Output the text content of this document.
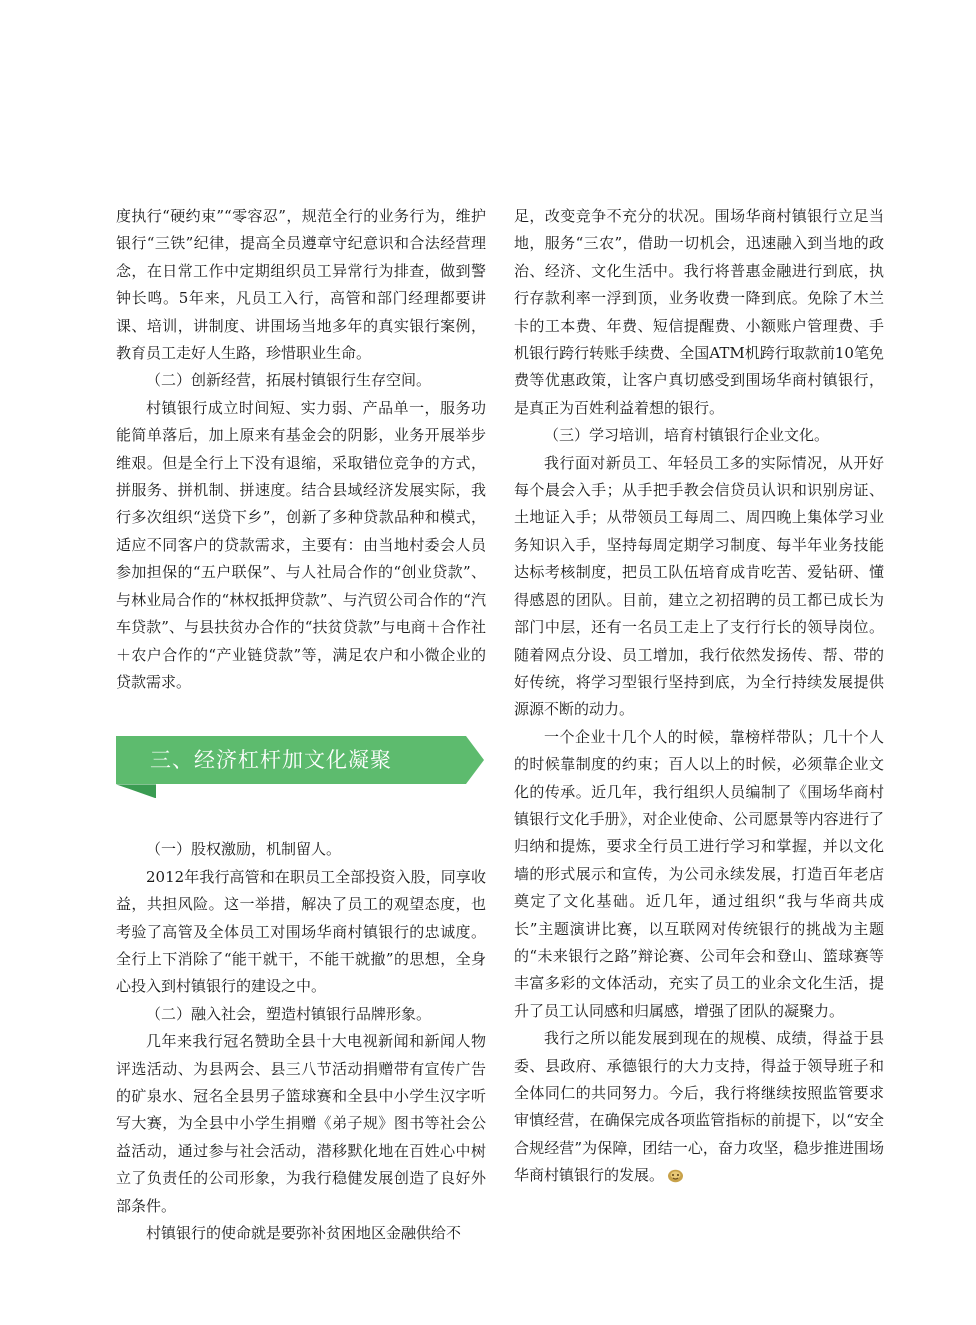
度执行“硬约束”“零容忍”，规范全行的业务行为，维护银行“三铁”纪律，提高全员遵章守纪意识和合法经营理念，在日常工作中定期组织员工异常行为排查，做到警钟长鸣。5年来，凡员工入行，高管和部门经理都要讲课、培训，讲制度、讲围场当地多年的真实银行案例，教育员工走好人生路，珍惜职业生命。

（二）创新经营，拓展村镇银行生存空间。

村镇银行成立时间短、实力弱、产品单一，服务功能简单落后，加上原来有基金会的阴影，业务开展举步维艰。但是全行上下没有退缩，采取错位竞争的方式，拼服务、拼机制、拼速度。结合县域经济发展实际，我行多次组织“送贷下乡”，创新了多种贷款品种和模式，适应不同客户的贷款需求，主要有：由当地村委会人员参加担保的“五户联保”、与人社局合作的“创业贷款”、与林业局合作的“林权抵押贷款”、与汽贸公司合作的“汽车贷款”、与县扶贫办合作的“扶贫贷款”与电商＋合作社＋农户合作的“产业链贷款”等，满足农户和小微企业的贷款需求。

三、经济杠杆加文化凝聚

（一）股权激励，机制留人。

2012年我行高管和在职员工全部投资入股，同享收益，共担风险。这一举措，解决了员工的观望态度，也考验了高管及全体员工对围场华商村镇银行的忠诚度。全行上下消除了“能干就干，不能干就撤”的思想，全身心投入到村镇银行的建设之中。

（二）融入社会，塑造村镇银行品牌形象。

几年来我行冠名赞助全县十大电视新闻和新闻人物评选活动、为县两会、县三八节活动捐赠带有宣传广告的矿泉水、冠名全县男子篮球赛和全县中小学生汉字听写大赛，为全县中小学生捐赠《弟子规》图书等社会公益活动，通过参与社会活动，潜移默化地在百姓心中树立了负责任的公司形象，为我行稳健发展创造了良好外部条件。

村镇银行的使命就是要弥补贫困地区金融供给不

足，改变竞争不充分的状况。围场华商村镇银行立足当地，服务“三农”，借助一切机会，迅速融入到当地的政治、经济、文化生活中。我行将普惠金融进行到底，执行存款利率一浮到顶，业务收费一降到底。免除了木兰卡的工本费、年费、短信提醒费、小额账户管理费、手机银行跨行转账手续费、全国ATM机跨行取款前10笔免费等优惠政策，让客户真切感受到围场华商村镇银行，是真正为百姓利益着想的银行。

（三）学习培训，培育村镇银行企业文化。

我行面对新员工、年轻员工多的实际情况，从开好每个晨会入手；从手把手教会信贷员认识和识别房证、土地证入手；从带领员工每周二、周四晚上集体学习业务知识入手，坚持每周定期学习制度、每半年业务技能达标考核制度，把员工队伍培育成肯吃苦、爱钻研、懂得感恩的团队。目前，建立之初招聘的员工都已成长为部门中层，还有一名员工走上了支行行长的领导岗位。随着网点分设、员工增加，我行依然发扬传、帮、带的好传统，将学习型银行坚持到底，为全行持续发展提供源源不断的动力。

一个企业十几个人的时候，靠榜样带队；几十个人的时候靠制度的约束；百人以上的时候，必须靠企业文化的传承。近几年，我行组织人员编制了《围场华商村镇银行文化手册》，对企业使命、公司愿景等内容进行了归纳和提炼，要求全行员工进行学习和掌握，并以文化墙的形式展示和宣传，为公司永续发展，打造百年老店奠定了文化基础。近几年，通过组织“我与华商共成长”主题演讲比赛，以互联网对传统银行的挑战为主题的“未来银行之路”辩论赛、公司年会和登山、篮球赛等丰富多彩的文体活动，充实了员工的业余文化生活，提升了员工认同感和归属感，增强了团队的凝聚力。

我行之所以能发展到现在的规模、成绩，得益于县委、县政府、承德银行的大力支持，得益于领导班子和全体同仁的共同努力。今后，我行将继续按照监管要求审慎经营，在确保完成各项监管指标的前提下，以“安全合规经营”为保障，团结一心，奋力攻坚，稳步推进围场华商村镇银行的发展。
